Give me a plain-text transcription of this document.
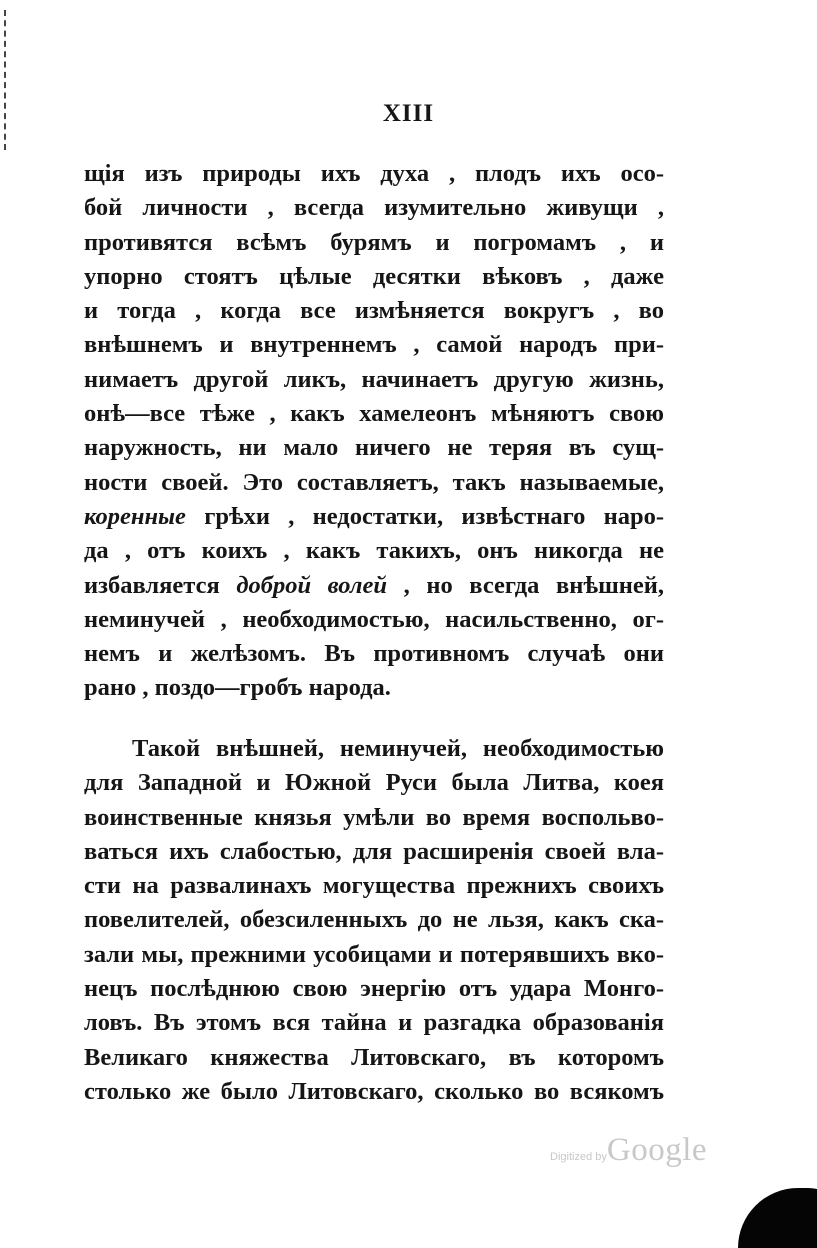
XIII
щія изъ природы ихъ духа , плодъ ихъ осо-
бой личности , всегда изумительно живущи ,
противятся всѣмъ бурямъ и погромамъ , и
упорно стоятъ цѣлые десятки вѣковъ , даже
и тогда , когда все измѣняется вокругъ , во
внѣшнемъ и внутреннемъ , самой народъ при-
нимаетъ другой ликъ, начинаетъ другую жизнь,
онѣ—все тѣже , какъ хамелеонъ мѣняютъ свою
наружность, ни мало ничего не теряя въ сущ-
ности своей. Это составляетъ, такъ называемые,
коренные грѣхи , недостатки, извѣстнаго наро-
да , отъ коихъ , какъ такихъ, онъ никогда не
избавляется доброй волей , но всегда внѣшней,
неминучей , необходимостью, насильственно, ог-
немъ и желѣзомъ. Въ противномъ случаѣ они
рано , поздо—гробъ народа.
Такой внѣшней, неминучей, необходимостью
для Западной и Южной Руси была Литва, коея
воинственные князья умѣли во время воспольво-
ваться ихъ слабостью, для расширенія своей вла-
сти на развалинахъ могущества прежнихъ своихъ
повелителей, обезсиленныхъ до не льзя, какъ ска-
зали мы, прежними усобицами и потерявшихъ вко-
нецъ послѣднюю свою энергію отъ удара Монго-
ловъ. Въ этомъ вся тайна и разгадка образованія
Великаго княжества Литовскаго, въ которомъ
столько же было Литовскаго, сколько во всякомъ
Digitized byGoogle
